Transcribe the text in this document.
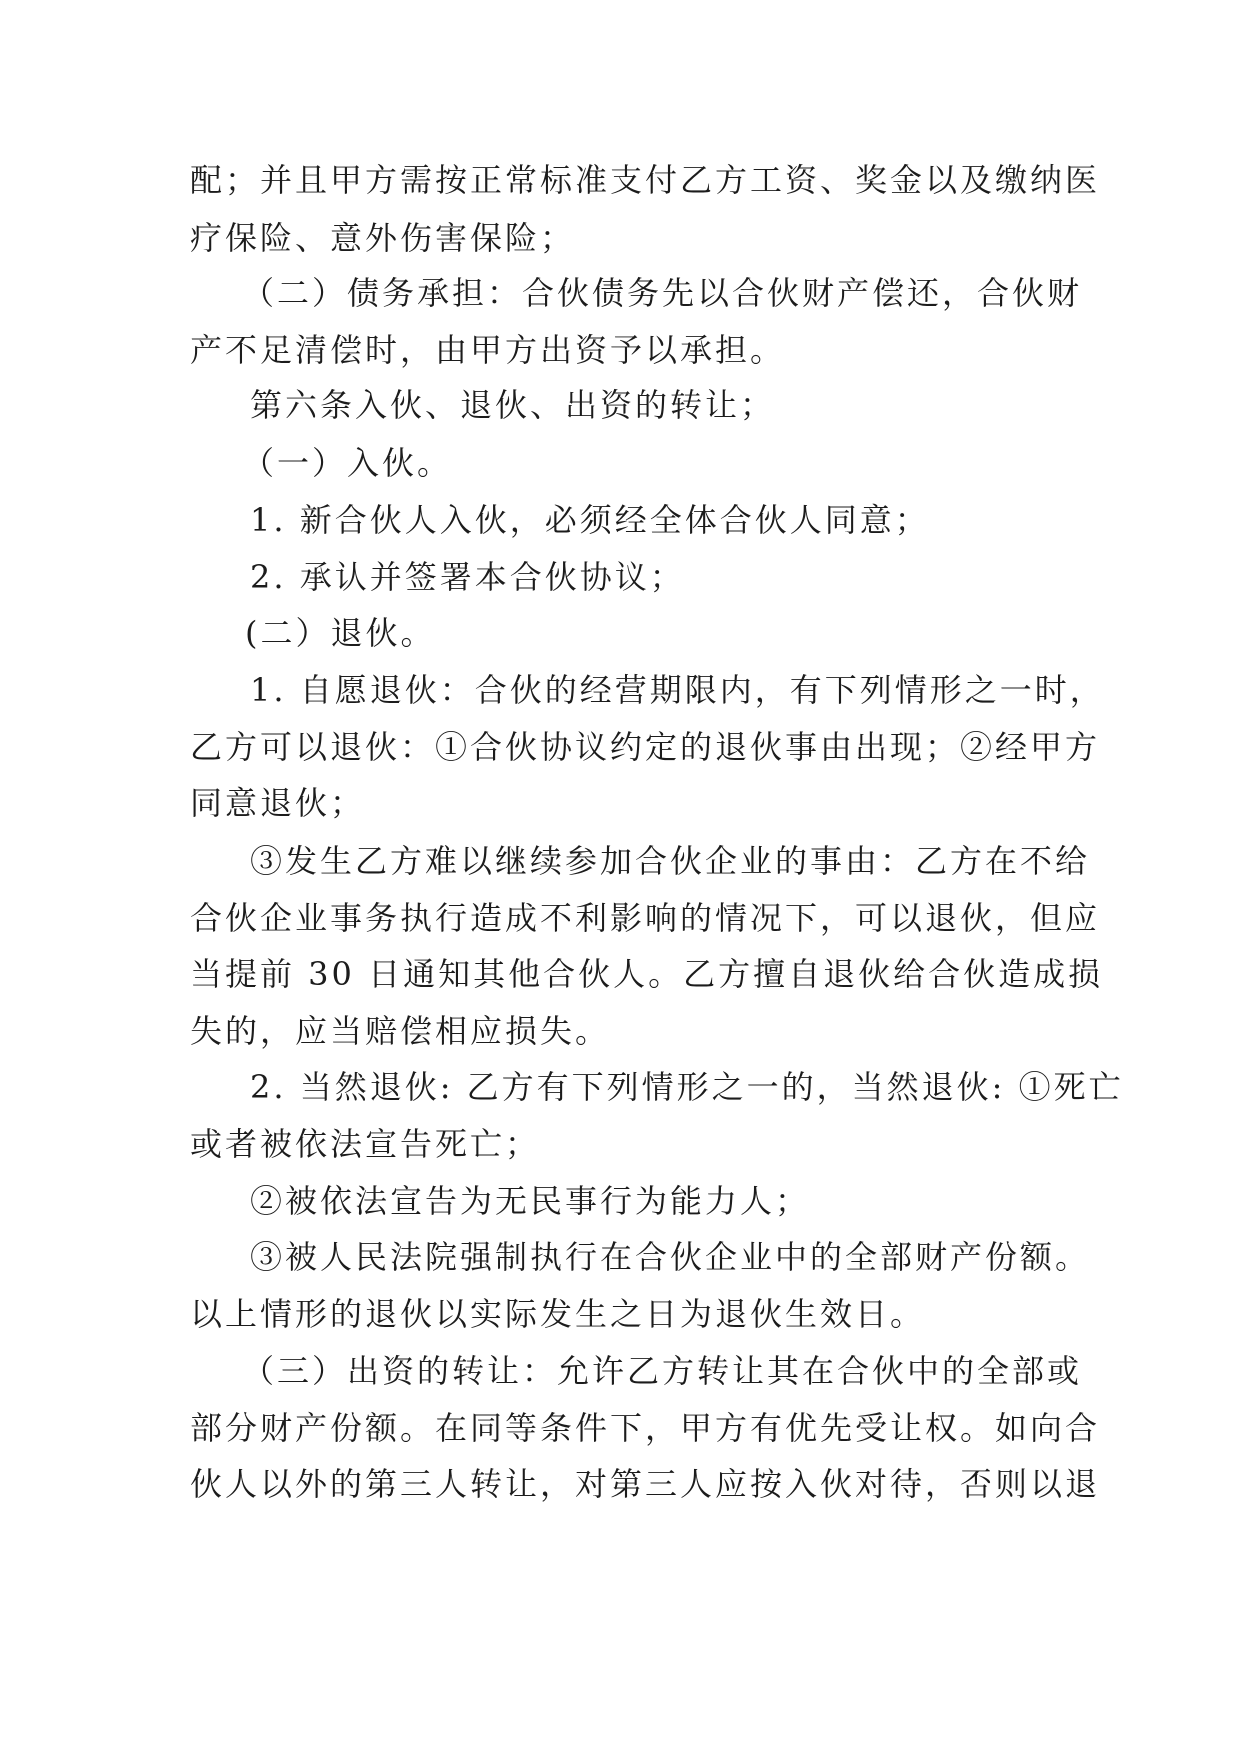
配；并且甲方需按正常标准支付乙方工资、奖金以及缴纳医
疗保险、意外伤害保险；
（二）债务承担：合伙债务先以合伙财产偿还，合伙财
产不足清偿时，由甲方出资予以承担。
第六条入伙、退伙、出资的转让；
（一）入伙。
1. 新合伙人入伙，必须经全体合伙人同意；
2. 承认并签署本合伙协议；
(二）退伙。
1. 自愿退伙：合伙的经营期限内，有下列情形之一时，
乙方可以退伙：①合伙协议约定的退伙事由出现；②经甲方
同意退伙；
③发生乙方难以继续参加合伙企业的事由：乙方在不给
合伙企业事务执行造成不利影响的情况下，可以退伙，但应
当提前 30 日通知其他合伙人。乙方擅自退伙给合伙造成损
失的，应当赔偿相应损失。
2. 当然退伙: 乙方有下列情形之一的，当然退伙: ①死亡
或者被依法宣告死亡；
②被依法宣告为无民事行为能力人；
③被人民法院强制执行在合伙企业中的全部财产份额。
以上情形的退伙以实际发生之日为退伙生效日。
（三）出资的转让：允许乙方转让其在合伙中的全部或
部分财产份额。在同等条件下，甲方有优先受让权。如向合
伙人以外的第三人转让，对第三人应按入伙对待，否则以退
